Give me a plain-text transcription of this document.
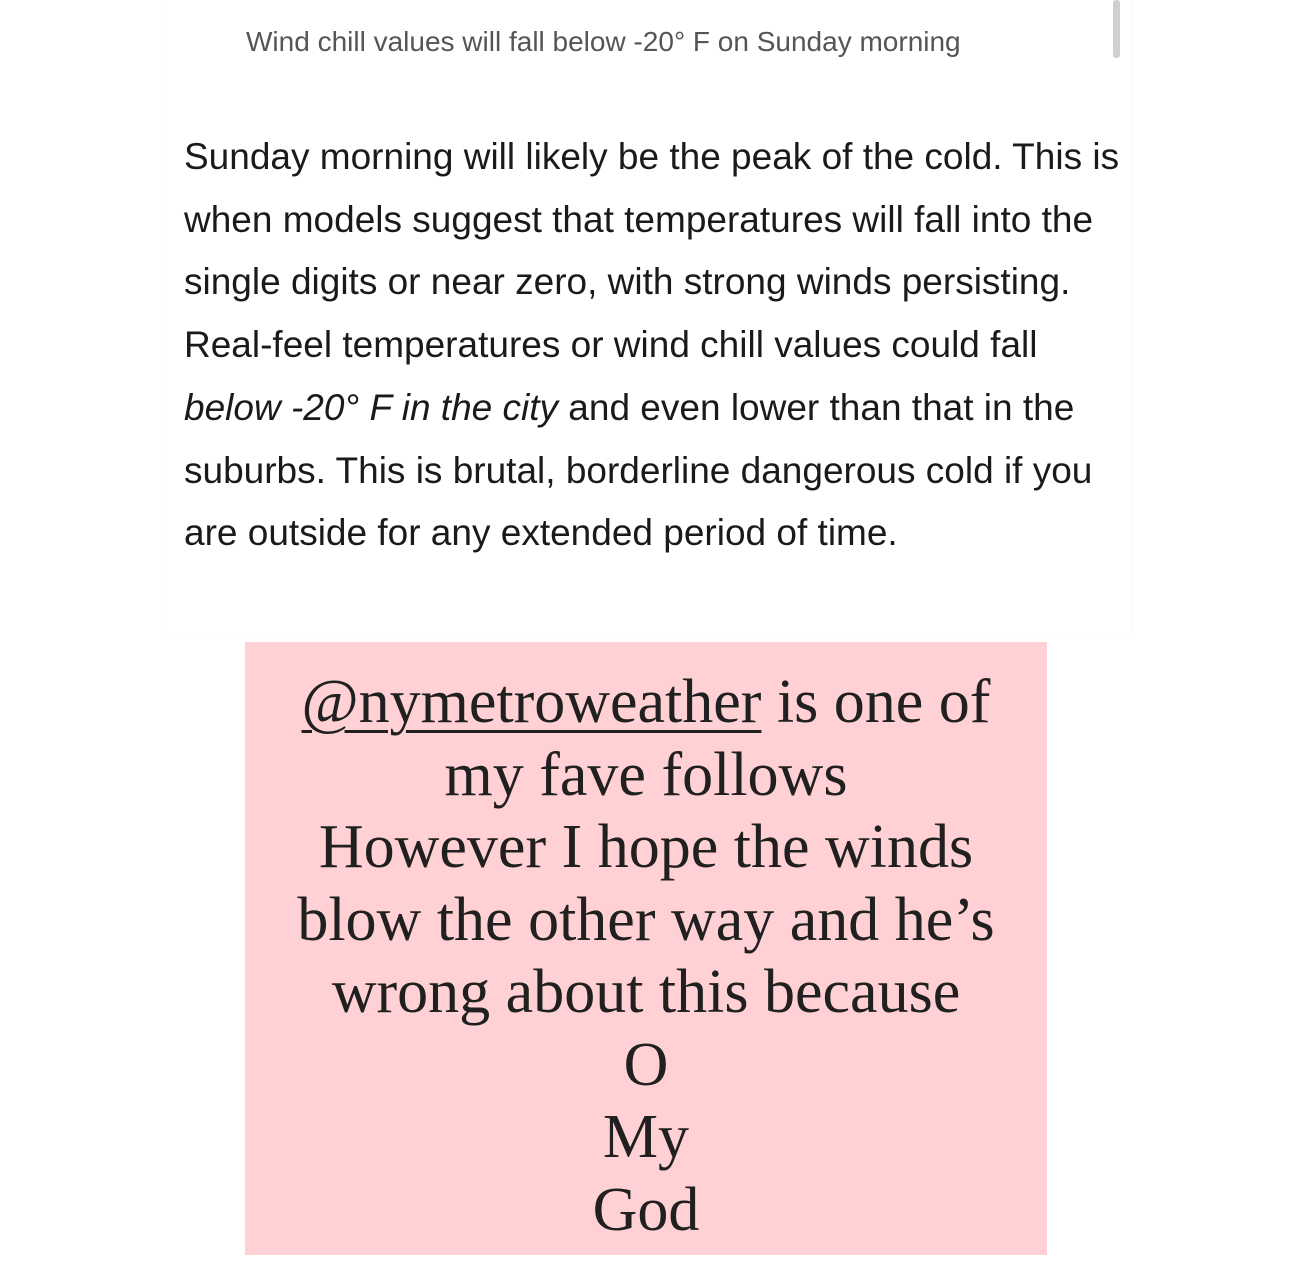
Wind chill values will fall below -20° F on Sunday morning
Sunday morning will likely be the peak of the cold. This is when models suggest that temperatures will fall into the single digits or near zero, with strong winds persisting. Real-feel temperatures or wind chill values could fall below -20° F in the city and even lower than that in the suburbs. This is brutal, borderline dangerous cold if you are outside for any extended period of time.
@nymetroweather is one of
my fave follows
However I hope the winds
blow the other way and he’s
wrong about this because
O
My
God
